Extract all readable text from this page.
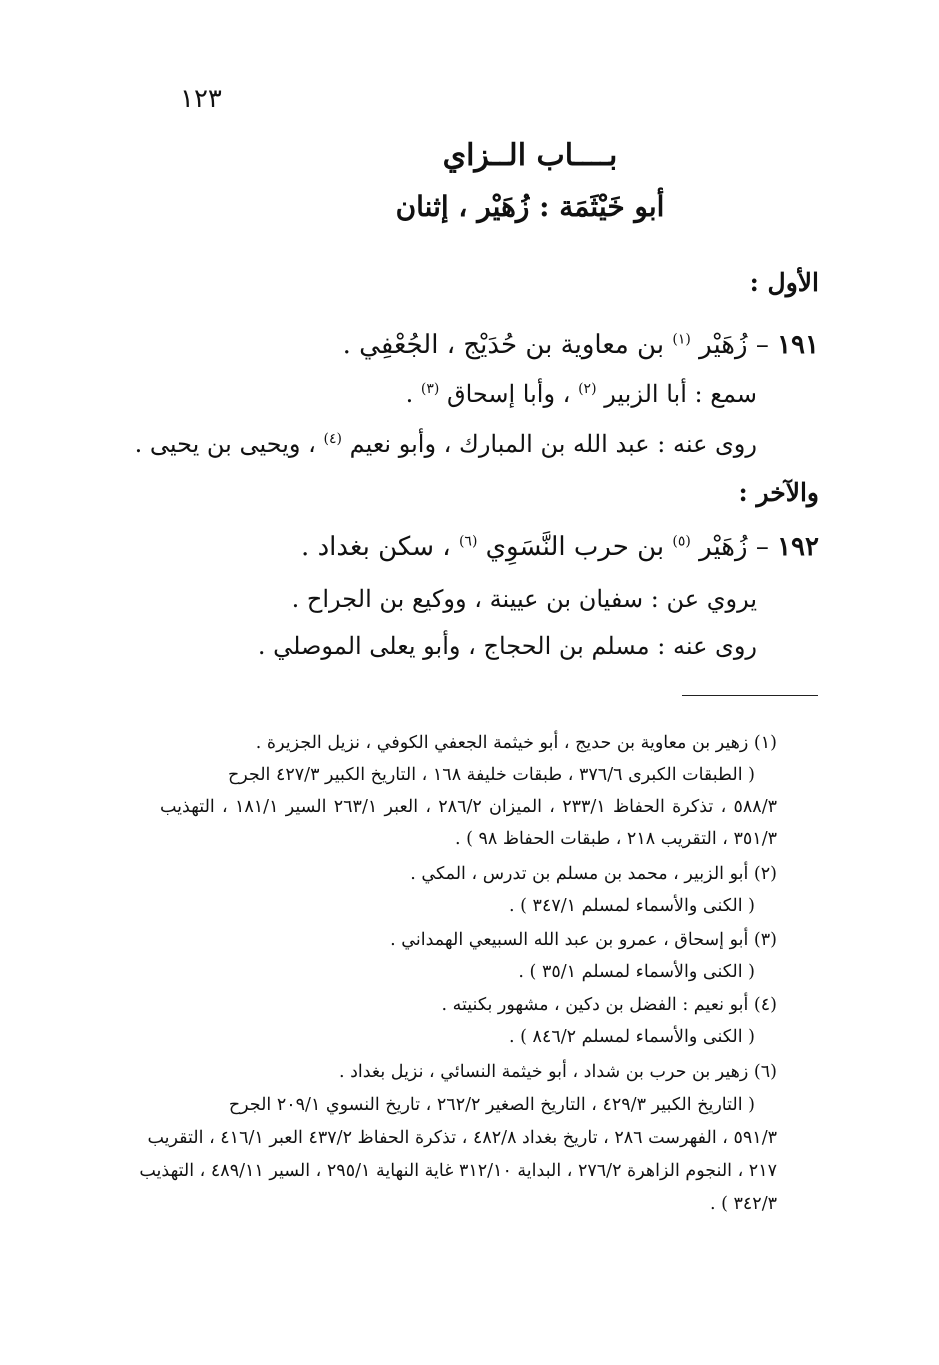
١٢٣
بــــاب الــزاي
أبو خَيْثَمَة : زُهَيْر ، إثنان
الأول :
١٩١ – زُهَيْر $^{(١)}$ بن معاوية بن حُدَيْج ، الجُعْفِي .
سمع : أبا الزبير $^{(٢)}$ ، وأبا إسحاق $^{(٣)}$ .
روى عنه : عبد الله بن المبارك ، وأبو نعيم $^{(٤)}$ ، ويحيى بن يحيى .
والآخر :
١٩٢ – زُهَيْر $^{(٥)}$ بن حرب النَّسَوِي $^{(٦)}$ ، سكن بغداد .
يروي عن : سفيان بن عيينة ، ووكيع بن الجراح .
روى عنه : مسلم بن الحجاج ، وأبو يعلى الموصلي .
(١) زهير بن معاوية بن حديج ، أبو خيثمة الجعفي الكوفي ، نزيل الجزيرة .
( الطبقات الكبرى ٣٧٦/٦ ، طبقات خليفة ١٦٨ ، التاريخ الكبير ٤٢٧/٣ الجرح
٥٨٨/٣ ، تذكرة الحفاظ ٢٣٣/١ ، الميزان ٢٨٦/٢ ، العبر ٢٦٣/١ السير ١٨١/١ ، التهذيب
٣٥١/٣ ، التقريب ٢١٨ ، طبقات الحفاظ ٩٨ ) .
(٢) أبو الزبير ، محمد بن مسلم بن تدرس ، المكي .
( الكنى والأسماء لمسلم ٣٤٧/١ ) .
(٣) أبو إسحاق ، عمرو بن عبد الله السبيعي الهمداني .
( الكنى والأسماء لمسلم ٣٥/١ ) .
(٤) أبو نعيم : الفضل بن دكين ، مشهور بكنيته .
( الكنى والأسماء لمسلم ٨٤٦/٢ ) .
(٦) زهير بن حرب بن شداد ، أبو خيثمة النسائي ، نزيل بغداد .
( التاريخ الكبير ٤٢٩/٣ ، التاريخ الصغير ٢٦٢/٢ ، تاريخ النسوي ٢٠٩/١ الجرح
٥٩١/٣ ، الفهرست ٢٨٦ ، تاريخ بغداد ٤٨٢/٨ ، تذكرة الحفاظ ٤٣٧/٢ العبر ٤١٦/١ ، التقريب
٢١٧ ، النجوم الزاهرة ٢٧٦/٢ ، البداية ٣١٢/١٠ غاية النهاية ٢٩٥/١ ، السير ٤٨٩/١١ ، التهذيب
٣٤٢/٣ ) .
